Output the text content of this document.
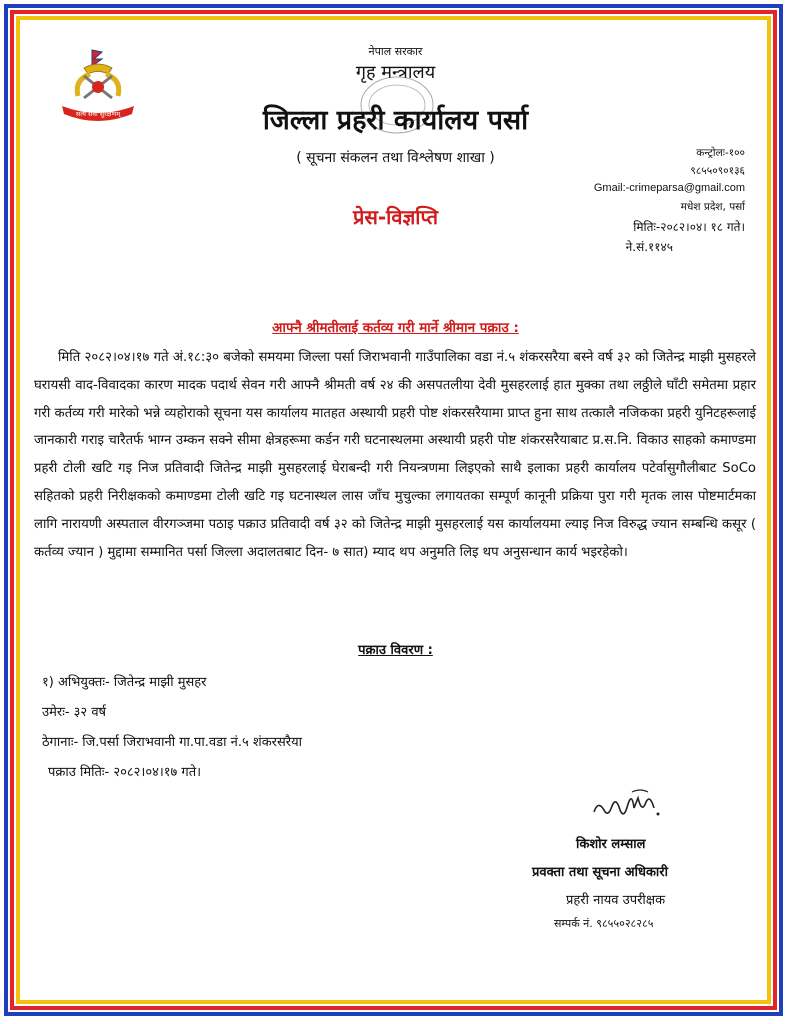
सत्य सेवा सुरक्षणम्
नेपाल प्रहरी
नेपाल सरकार
गृह मन्त्रालय
जिल्ला प्रहरी कार्यालय पर्सा
( सूचना संकलन तथा विश्लेषण शाखा )	कन्ट्रोलः-१००
९८५५०९०१३६
Gmail:-crimeparsa@gmail.com
मधेश प्रदेश, पर्सा
मितिः-२०८२।०४। १८ गते।
ने.सं.११४५
प्रेस-विज्ञप्ति
आफ्नै श्रीमतीलाई कर्तव्य गरी मार्ने श्रीमान पक्राउ :
मिति २०८२।०४।१७ गते अं.१८:३० बजेको समयमा जिल्ला पर्सा जिराभवानी गाउँपालिका वडा नं.५ शंकरसरैया बस्ने वर्ष ३२ को जितेन्द्र माझी मुसहरले घरायसी वाद-विवादका कारण मादक पदार्थ सेवन गरी आफ्नै श्रीमती वर्ष २४ की असपतलीया देवी मुसहरलाई हात मुक्का तथा लठ्ठीले घाँटी समेतमा प्रहार गरी कर्तव्य गरी मारेको भन्ने व्यहोराको सूचना यस कार्यालय मातहत अस्थायी प्रहरी पोष्ट शंकरसरैयामा प्राप्त हुना साथ तत्कालै नजिकका प्रहरी युनिटहरूलाई जानकारी गराइ चारैतर्फ भाग्न उम्कन सक्ने सीमा क्षेत्रहरूमा कर्डन गरी घटनास्थलमा अस्थायी प्रहरी पोष्ट शंकरसरैयाबाट प्र.स.नि. विकाउ साहको कमाण्डमा प्रहरी टोली खटि गइ निज प्रतिवादी जितेन्द्र माझी मुसहरलाई घेराबन्दी गरी नियन्त्रणमा लिइएको साथै इलाका प्रहरी कार्यालय पटेर्वासुगौलीबाट SoCo सहितको प्रहरी निरीक्षकको कमाण्डमा टोली खटि गइ घटनास्थल लास जाँच मुचुल्का लगायतका सम्पूर्ण कानूनी प्रक्रिया पुरा गरी मृतक लास पोष्टमार्टमका लागि नारायणी अस्पताल वीरगञ्जमा पठाइ पक्राउ प्रतिवादी वर्ष ३२ को जितेन्द्र माझी मुसहरलाई यस कार्यालयमा ल्याइ निज विरुद्ध ज्यान सम्बन्धि कसूर ( कर्तव्य ज्यान ) मुद्दामा सम्मानित पर्सा जिल्ला अदालतबाट दिन- ७ सात) म्याद थप अनुमति लिइ थप अनुसन्धान कार्य भइरहेको।
पक्राउ विवरण :
१) अभियुक्तः- जितेन्द्र माझी मुसहर
उमेरः- ३२ वर्ष
ठेगानाः- जि.पर्सा जिराभवानी गा.पा.वडा नं.५ शंकरसरैया
पक्राउ मितिः- २०८२।०४।१७ गते।
किशोर लम्साल
प्रवक्ता तथा सूचना अधिकारी
प्रहरी नायव उपरीक्षक
सम्पर्क नं. ९८५५०२८२८५
